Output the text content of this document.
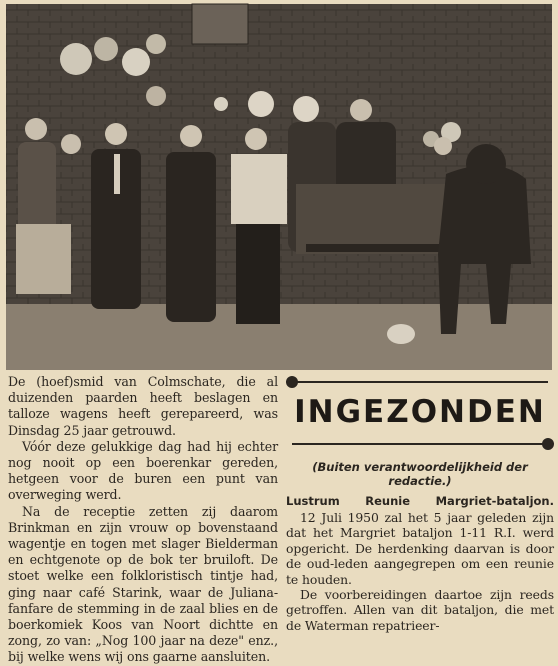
De (hoef)smid van Colmschate, die al duizenden paarden heeft beslagen en talloze wagens heeft gerepareerd, was Dinsdag 25 jaar getrouwd.

Vóór deze gelukkige dag had hij echter nog nooit op een boerenkar gereden, hetgeen voor de buren een punt van overweging werd.

Na de receptie zetten zij daarom Brinkman en zijn vrouw op bovenstaand wagentje en togen met slager Bielderman en echtgenote op de bok ter bruiloft. De stoet welke een folkloristisch tintje had, ging naar café Starink, waar de Juliana-fanfare de stemming in de zaal blies en de boerkomiek Koos van Noort dichtte en zong, zo van: „Nog 100 jaar na deze" enz., bij welke wens wij ons gaarne aansluiten.

INGEZONDEN
(Buiten verantwoordelijkheid der redactie.)
Lustrum Reunie Margriet-bataljon.

12 Juli 1950 zal het 5 jaar geleden zijn dat het Margriet bataljon 1-11 R.I. werd opgericht. De herdenking daarvan is door de oud-leden aangegrepen om een reunie te houden.

De voorbereidingen daartoe zijn reeds getroffen. Allen van dit bataljon, die met de Waterman repatrieer-
